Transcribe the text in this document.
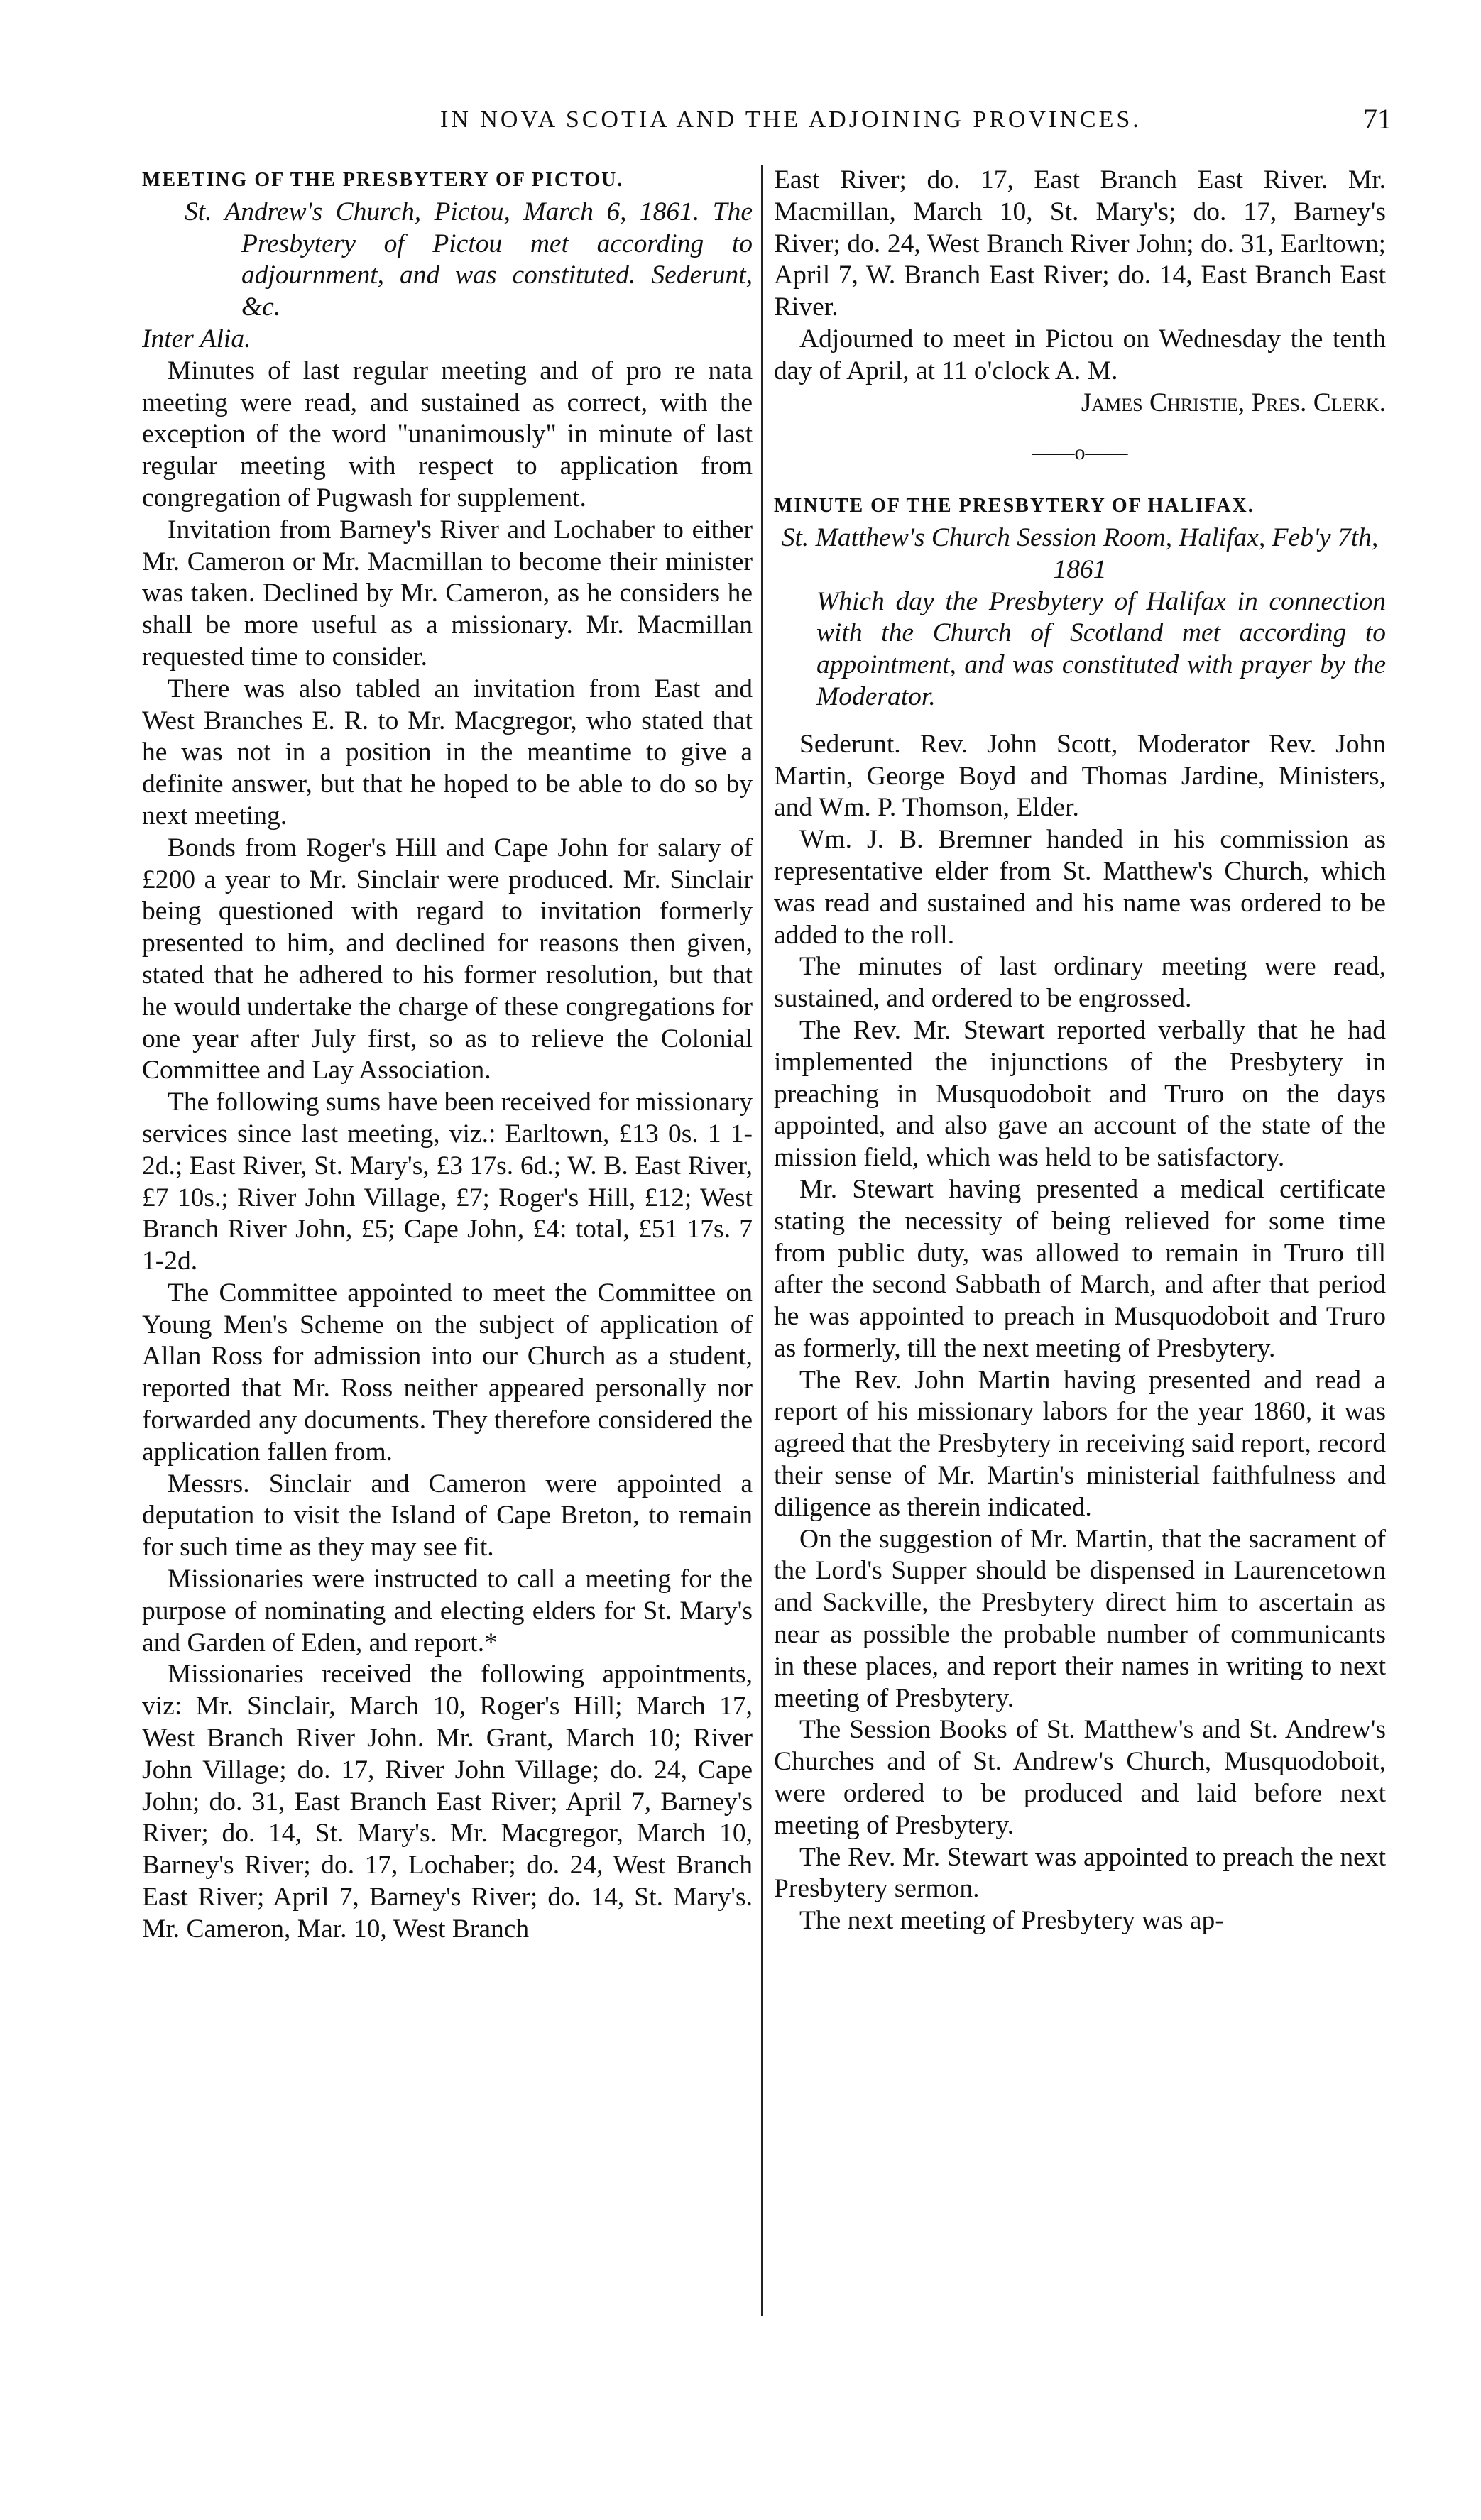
IN NOVA SCOTIA AND THE ADJOINING PROVINCES.	71

MEETING OF THE PRESBYTERY OF PICTOU.

St. Andrew's Church, Pictou, March 6, 1861. The Presbytery of Pictou met according to adjournment, and was constituted. Sederunt, &c.

Inter Alia.

Minutes of last regular meeting and of pro re nata meeting were read, and sustained as correct, with the exception of the word "unanimously" in minute of last regular meeting with respect to application from congregation of Pugwash for supplement.

Invitation from Barney's River and Lochaber to either Mr. Cameron or Mr. Macmillan to become their minister was taken. Declined by Mr. Cameron, as he considers he shall be more useful as a missionary. Mr. Macmillan requested time to consider.

There was also tabled an invitation from East and West Branches E. R. to Mr. Macgregor, who stated that he was not in a position in the meantime to give a definite answer, but that he hoped to be able to do so by next meeting.

Bonds from Roger's Hill and Cape John for salary of £200 a year to Mr. Sinclair were produced. Mr. Sinclair being questioned with regard to invitation formerly presented to him, and declined for reasons then given, stated that he adhered to his former resolution, but that he would undertake the charge of these congregations for one year after July first, so as to relieve the Colonial Committee and Lay Association.

The following sums have been received for missionary services since last meeting, viz.: Earltown, £13 0s. 1 1-2d.; East River, St. Mary's, £3 17s. 6d.; W. B. East River, £7 10s.; River John Village, £7; Roger's Hill, £12; West Branch River John, £5; Cape John, £4: total, £51 17s. 7 1-2d.

The Committee appointed to meet the Committee on Young Men's Scheme on the subject of application of Allan Ross for admission into our Church as a student, reported that Mr. Ross neither appeared personally nor forwarded any documents. They therefore considered the application fallen from.

Messrs. Sinclair and Cameron were appointed a deputation to visit the Island of Cape Breton, to remain for such time as they may see fit.

Missionaries were instructed to call a meeting for the purpose of nominating and electing elders for St. Mary's and Garden of Eden, and report.*

Missionaries received the following appointments, viz: Mr. Sinclair, March 10, Roger's Hill; March 17, West Branch River John. Mr. Grant, March 10; River John Village; do. 17, River John Village; do. 24, Cape John; do. 31, East Branch East River; April 7, Barney's River; do. 14, St. Mary's. Mr. Macgregor, March 10, Barney's River; do. 17, Lochaber; do. 24, West Branch East River; April 7, Barney's River; do. 14, St. Mary's. Mr. Cameron, Mar. 10, West Branch

East River; do. 17, East Branch East River. Mr. Macmillan, March 10, St. Mary's; do. 17, Barney's River; do. 24, West Branch River John; do. 31, Earltown; April 7, W. Branch East River; do. 14, East Branch East River.

Adjourned to meet in Pictou on Wednesday the tenth day of April, at 11 o'clock A. M.

James Christie, Pres. Clerk.

——o——

MINUTE OF THE PRESBYTERY OF HALIFAX.

St. Matthew's Church Session Room, Halifax, Feb'y 7th, 1861

Which day the Presbytery of Halifax in connection with the Church of Scotland met according to appointment, and was constituted with prayer by the Moderator.

Sederunt. Rev. John Scott, Moderator Rev. John Martin, George Boyd and Thomas Jardine, Ministers, and Wm. P. Thomson, Elder.

Wm. J. B. Bremner handed in his commission as representative elder from St. Matthew's Church, which was read and sustained and his name was ordered to be added to the roll.

The minutes of last ordinary meeting were read, sustained, and ordered to be engrossed.

The Rev. Mr. Stewart reported verbally that he had implemented the injunctions of the Presbytery in preaching in Musquodoboit and Truro on the days appointed, and also gave an account of the state of the mission field, which was held to be satisfactory.

Mr. Stewart having presented a medical certificate stating the necessity of being relieved for some time from public duty, was allowed to remain in Truro till after the second Sabbath of March, and after that period he was appointed to preach in Musquodoboit and Truro as formerly, till the next meeting of Presbytery.

The Rev. John Martin having presented and read a report of his missionary labors for the year 1860, it was agreed that the Presbytery in receiving said report, record their sense of Mr. Martin's ministerial faithfulness and diligence as therein indicated.

On the suggestion of Mr. Martin, that the sacrament of the Lord's Supper should be dispensed in Laurencetown and Sackville, the Presbytery direct him to ascertain as near as possible the probable number of communicants in these places, and report their names in writing to next meeting of Presbytery.

The Session Books of St. Matthew's and St. Andrew's Churches and of St. Andrew's Church, Musquodoboit, were ordered to be produced and laid before next meeting of Presbytery.

The Rev. Mr. Stewart was appointed to preach the next Presbytery sermon.

The next meeting of Presbytery was ap-
